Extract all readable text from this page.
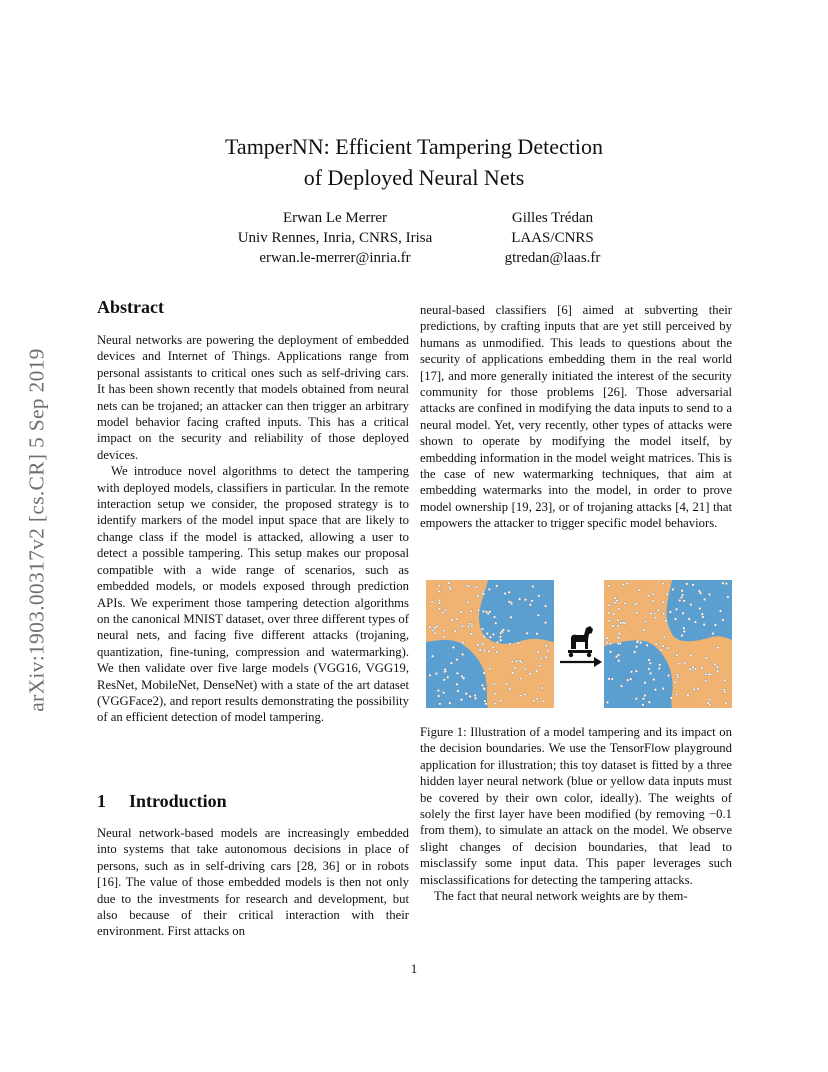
arXiv:1903.00317v2 [cs.CR] 5 Sep 2019
TamperNN: Efficient Tampering Detection
of Deployed Neural Nets
Erwan Le Merrer
Univ Rennes, Inria, CNRS, Irisa
erwan.le-merrer@inria.fr
Gilles Trédan
LAAS/CNRS
gtredan@laas.fr
Abstract

Neural networks are powering the deployment of embedded devices and Internet of Things. Applications range from personal assistants to critical ones such as self-driving cars. It has been shown recently that models obtained from neural nets can be trojaned; an attacker can then trigger an arbitrary model behavior facing crafted inputs. This has a critical impact on the security and reliability of those deployed devices.

We introduce novel algorithms to detect the tampering with deployed models, classifiers in particular. In the remote interaction setup we consider, the proposed strategy is to identify markers of the model input space that are likely to change class if the model is attacked, allowing a user to detect a possible tampering. This setup makes our proposal compatible with a wide range of scenarios, such as embedded models, or models exposed through prediction APIs. We experiment those tampering detection algorithms on the canonical MNIST dataset, over three different types of neural nets, and facing five different attacks (trojaning, quantization, fine-tuning, compression and watermarking). We then validate over five large models (VGG16, VGG19, ResNet, MobileNet, DenseNet) with a state of the art dataset (VGGFace2), and report results demonstrating the possibility of an efficient detection of model tampering.

1 Introduction

Neural network-based models are increasingly embedded into systems that take autonomous decisions in place of persons, such as in self-driving cars [28, 36] or in robots [16]. The value of those embedded models is then not only due to the investments for research and development, but also because of their critical interaction with their environment. First attacks on

neural-based classifiers [6] aimed at subverting their predictions, by crafting inputs that are yet still perceived by humans as unmodified. This leads to questions about the security of applications embedding them in the real world [17], and more generally initiated the interest of the security community for those problems [26]. Those adversarial attacks are confined in modifying the data inputs to send to a neural model. Yet, very recently, other types of attacks were shown to operate by modifying the model itself, by embedding information in the model weight matrices. This is the case of new watermarking techniques, that aim at embedding watermarks into the model, in order to prove model ownership [19, 23], or of trojaning attacks [4, 21] that empowers the attacker to trigger specific model behaviors.

Figure 1: Illustration of a model tampering and its impact on the decision boundaries. We use the TensorFlow playground application for illustration; this toy dataset is fitted by a three hidden layer neural network (blue or yellow data inputs must be covered by their own color, ideally). The weights of solely the first layer have been modified (by removing −0.1 from them), to simulate an attack on the model. We observe slight changes of decision boundaries, that lead to misclassify some input data. This paper leverages such misclassifications for detecting the tampering attacks.

The fact that neural network weights are by them-

1
